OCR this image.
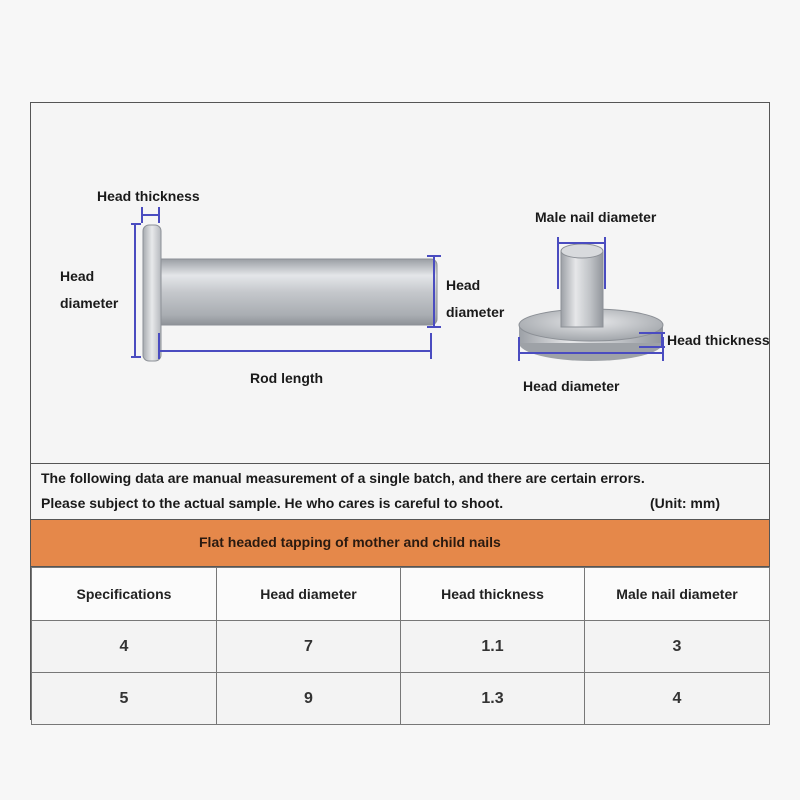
Head thickness
Head
diameter
Head
diameter
Rod length
Male nail diameter
Head thickness
Head diameter
The following data are manual measurement of a single batch, and there are certain errors.
Please subject to the actual sample. He who cares is careful to shoot.	(Unit: mm)
Flat headed tapping of mother and child nails
Specifications	Head diameter	Head thickness	Male nail diameter
4	7	1.1	3
5	9	1.3	4
